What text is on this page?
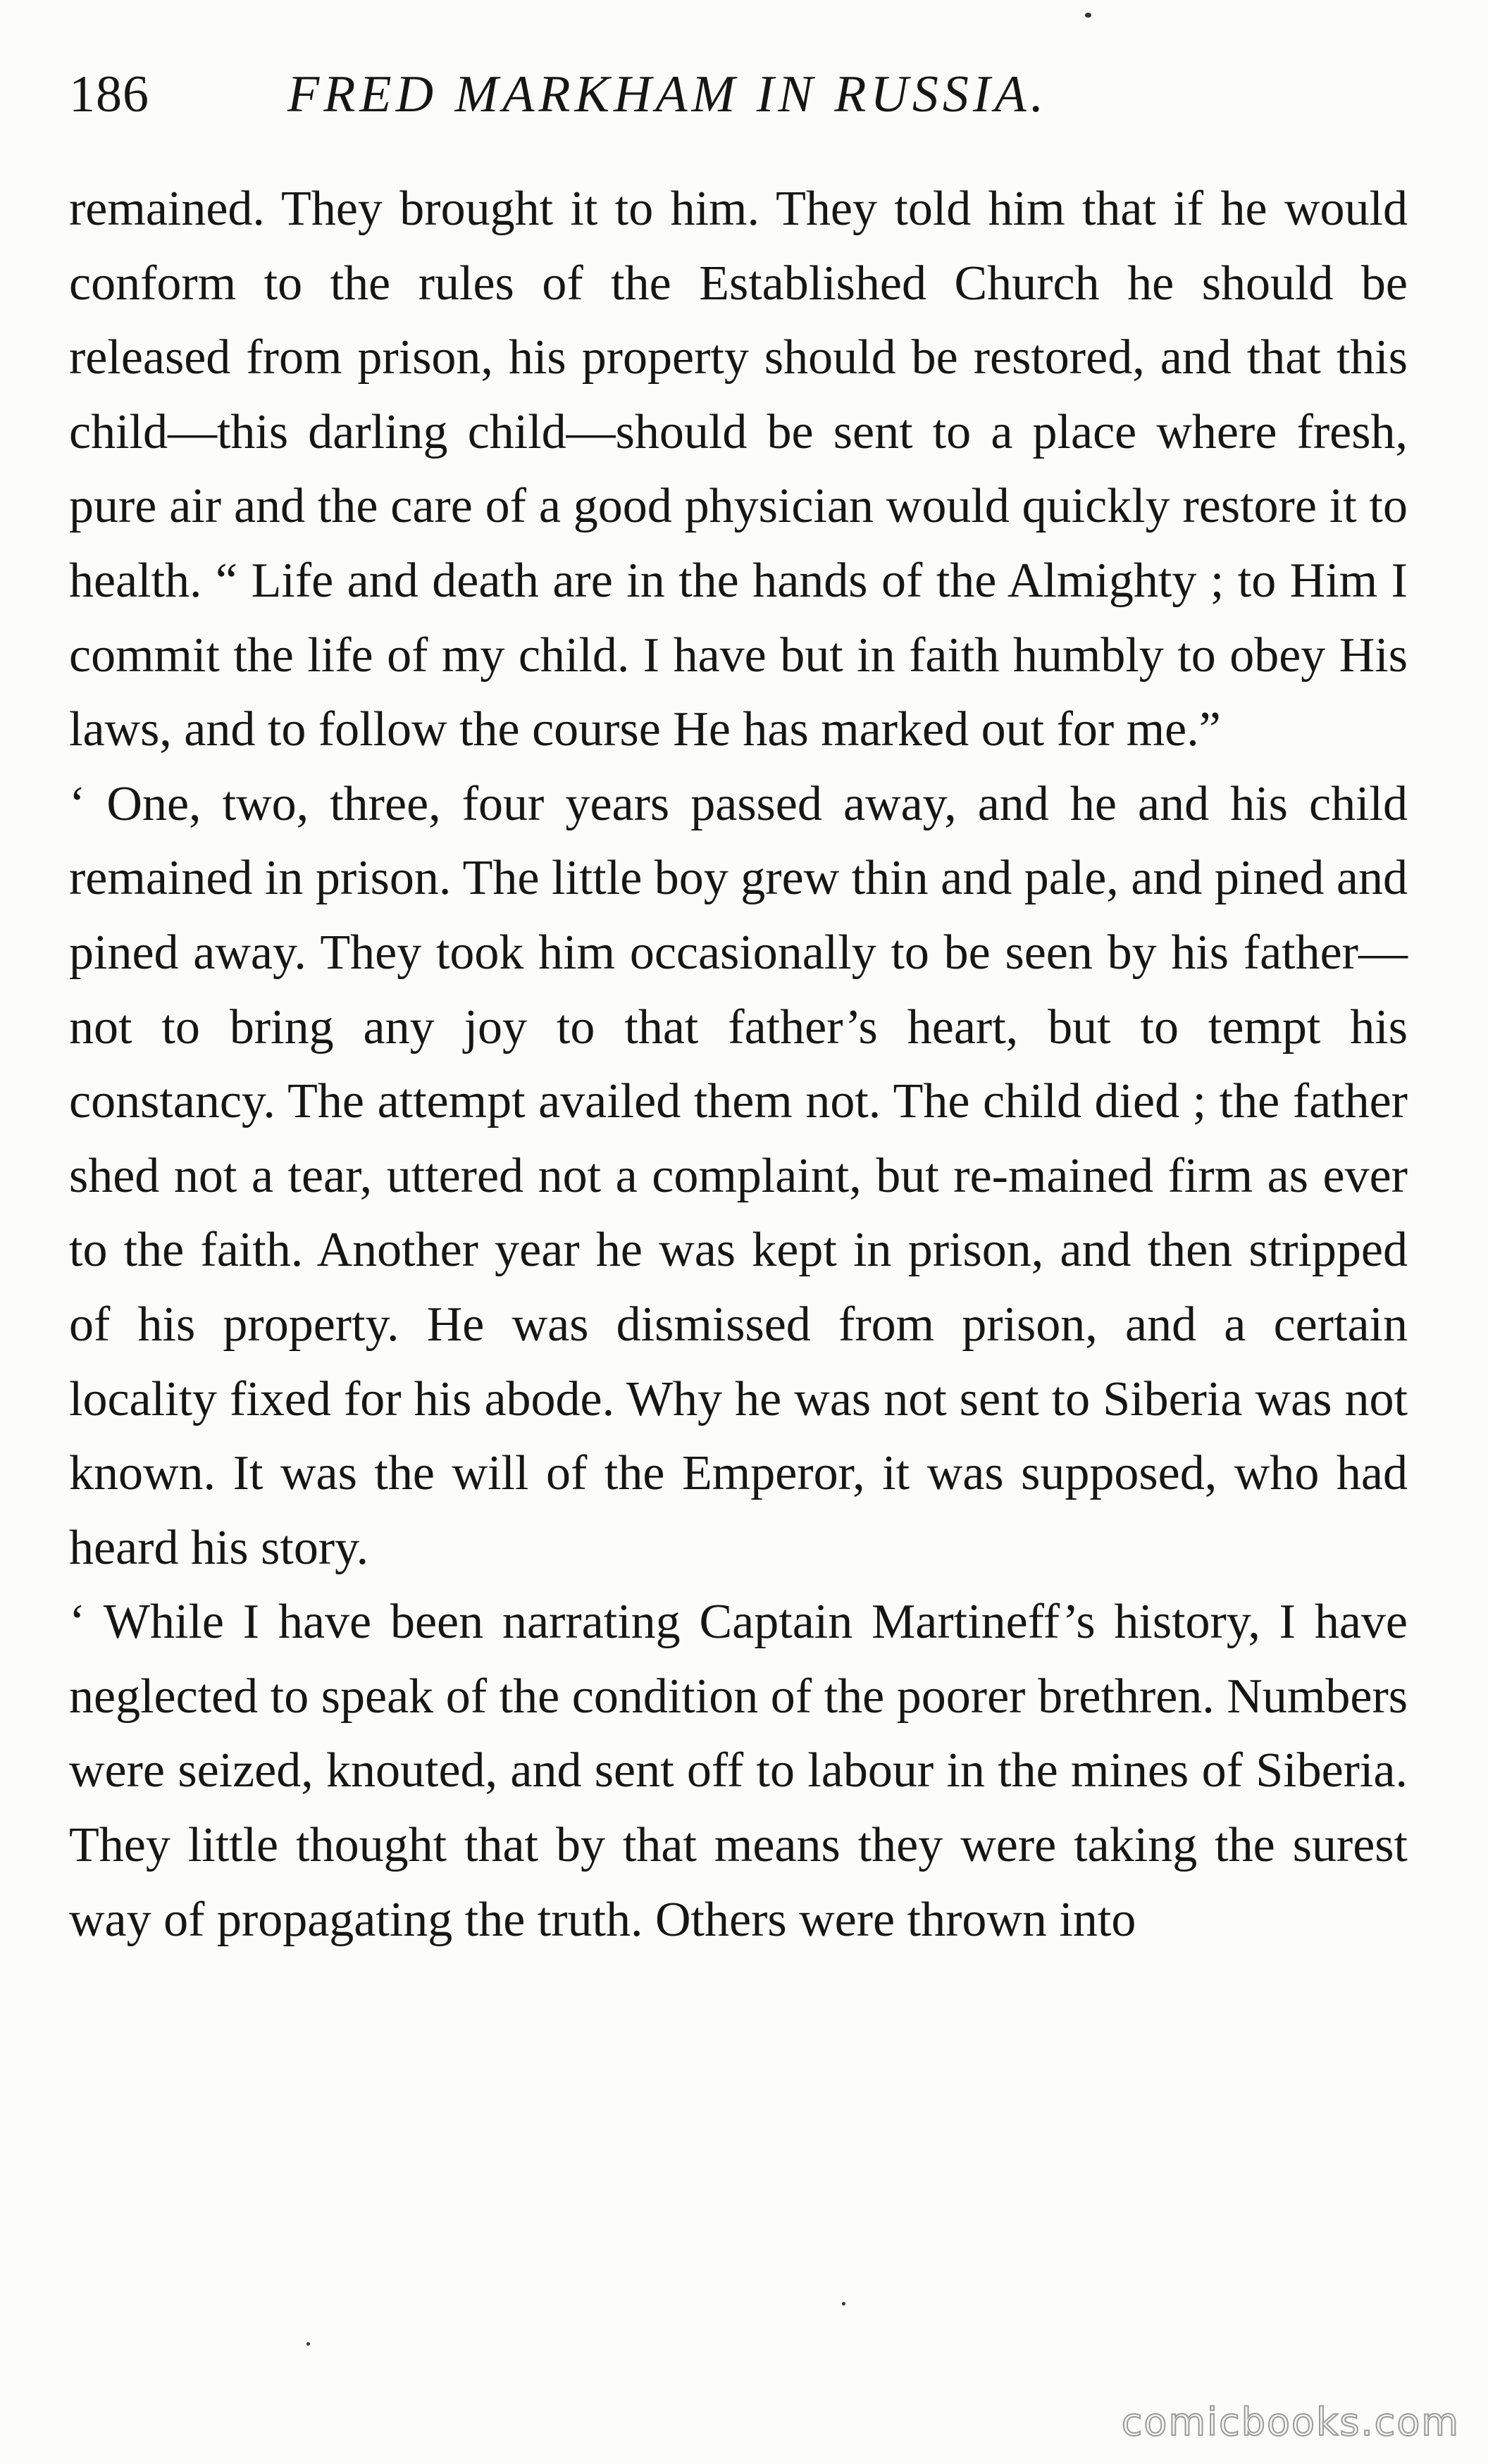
186	FRED MARKHAM IN RUSSIA.

remained. They brought it to him. They told him that if he would conform to the rules of the Established Church he should be released from prison, his property should be restored, and that this child—this darling child—should be sent to a place where fresh, pure air and the care of a good physician would quickly restore it to health. “ Life and death are in the hands of the Almighty ; to Him I commit the life of my child. I have but in faith humbly to obey His laws, and to follow the course He has marked out for me.”

‘ One, two, three, four years passed away, and he and his child remained in prison. The little boy grew thin and pale, and pined and pined away. They took him occasionally to be seen by his father—not to bring any joy to that father’s heart, but to tempt his constancy. The attempt availed them not. The child died ; the father shed not a tear, uttered not a complaint, but re-mained firm as ever to the faith. Another year he was kept in prison, and then stripped of his property. He was dismissed from prison, and a certain locality fixed for his abode. Why he was not sent to Siberia was not known. It was the will of the Emperor, it was supposed, who had heard his story.

‘ While I have been narrating Captain Martineff’s history, I have neglected to speak of the condition of the poorer brethren. Numbers were seized, knouted, and sent off to labour in the mines of Siberia. They little thought that by that means they were taking the surest way of propagating the truth. Others were thrown into

comicbooks.com
